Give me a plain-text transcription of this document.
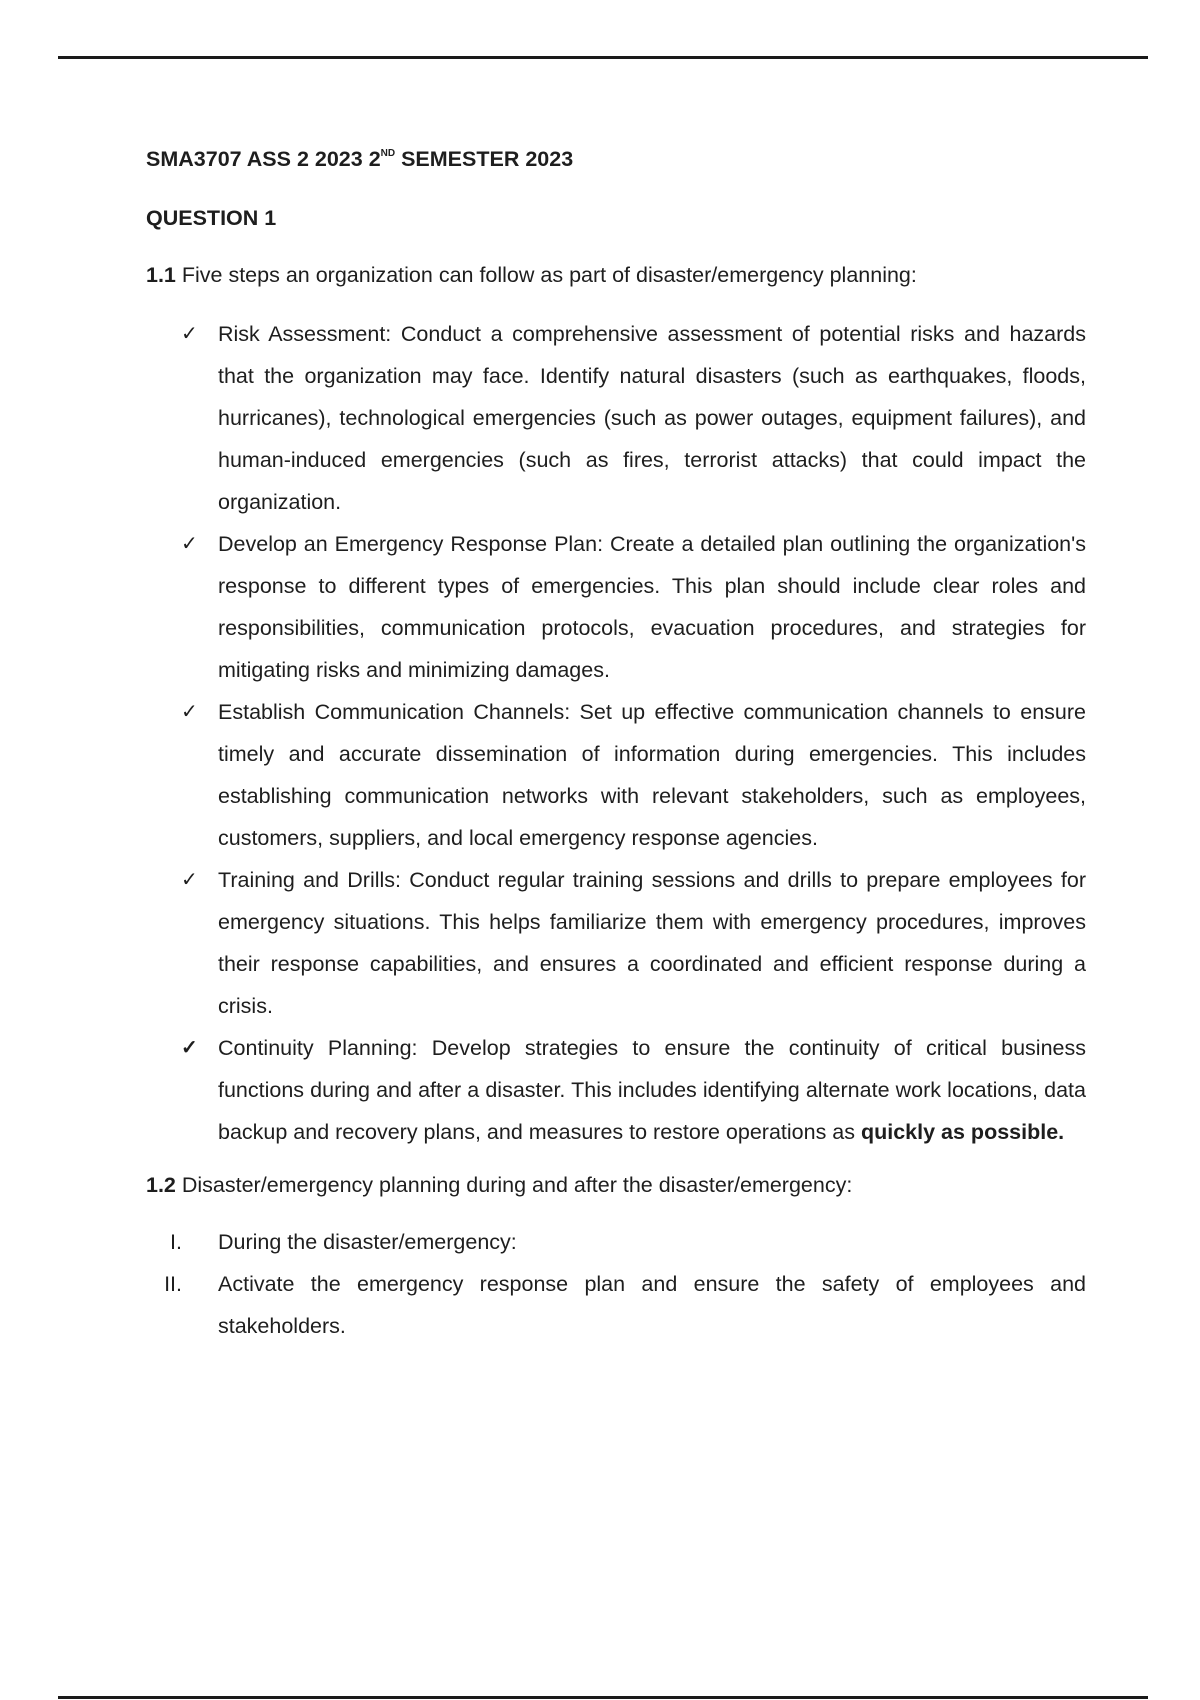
SMA3707 ASS 2 2023 2ND SEMESTER 2023

QUESTION 1

1.1 Five steps an organization can follow as part of disaster/emergency planning:

✓ Risk Assessment: Conduct a comprehensive assessment of potential risks and hazards that the organization may face. Identify natural disasters (such as earthquakes, floods, hurricanes), technological emergencies (such as power outages, equipment failures), and human-induced emergencies (such as fires, terrorist attacks) that could impact the organization.
✓ Develop an Emergency Response Plan: Create a detailed plan outlining the organization's response to different types of emergencies. This plan should include clear roles and responsibilities, communication protocols, evacuation procedures, and strategies for mitigating risks and minimizing damages.
✓ Establish Communication Channels: Set up effective communication channels to ensure timely and accurate dissemination of information during emergencies. This includes establishing communication networks with relevant stakeholders, such as employees, customers, suppliers, and local emergency response agencies.
✓ Training and Drills: Conduct regular training sessions and drills to prepare employees for emergency situations. This helps familiarize them with emergency procedures, improves their response capabilities, and ensures a coordinated and efficient response during a crisis.
✓ Continuity Planning: Develop strategies to ensure the continuity of critical business functions during and after a disaster. This includes identifying alternate work locations, data backup and recovery plans, and measures to restore operations as quickly as possible.

1.2 Disaster/emergency planning during and after the disaster/emergency:

I. During the disaster/emergency:
II. Activate the emergency response plan and ensure the safety of employees and stakeholders.
